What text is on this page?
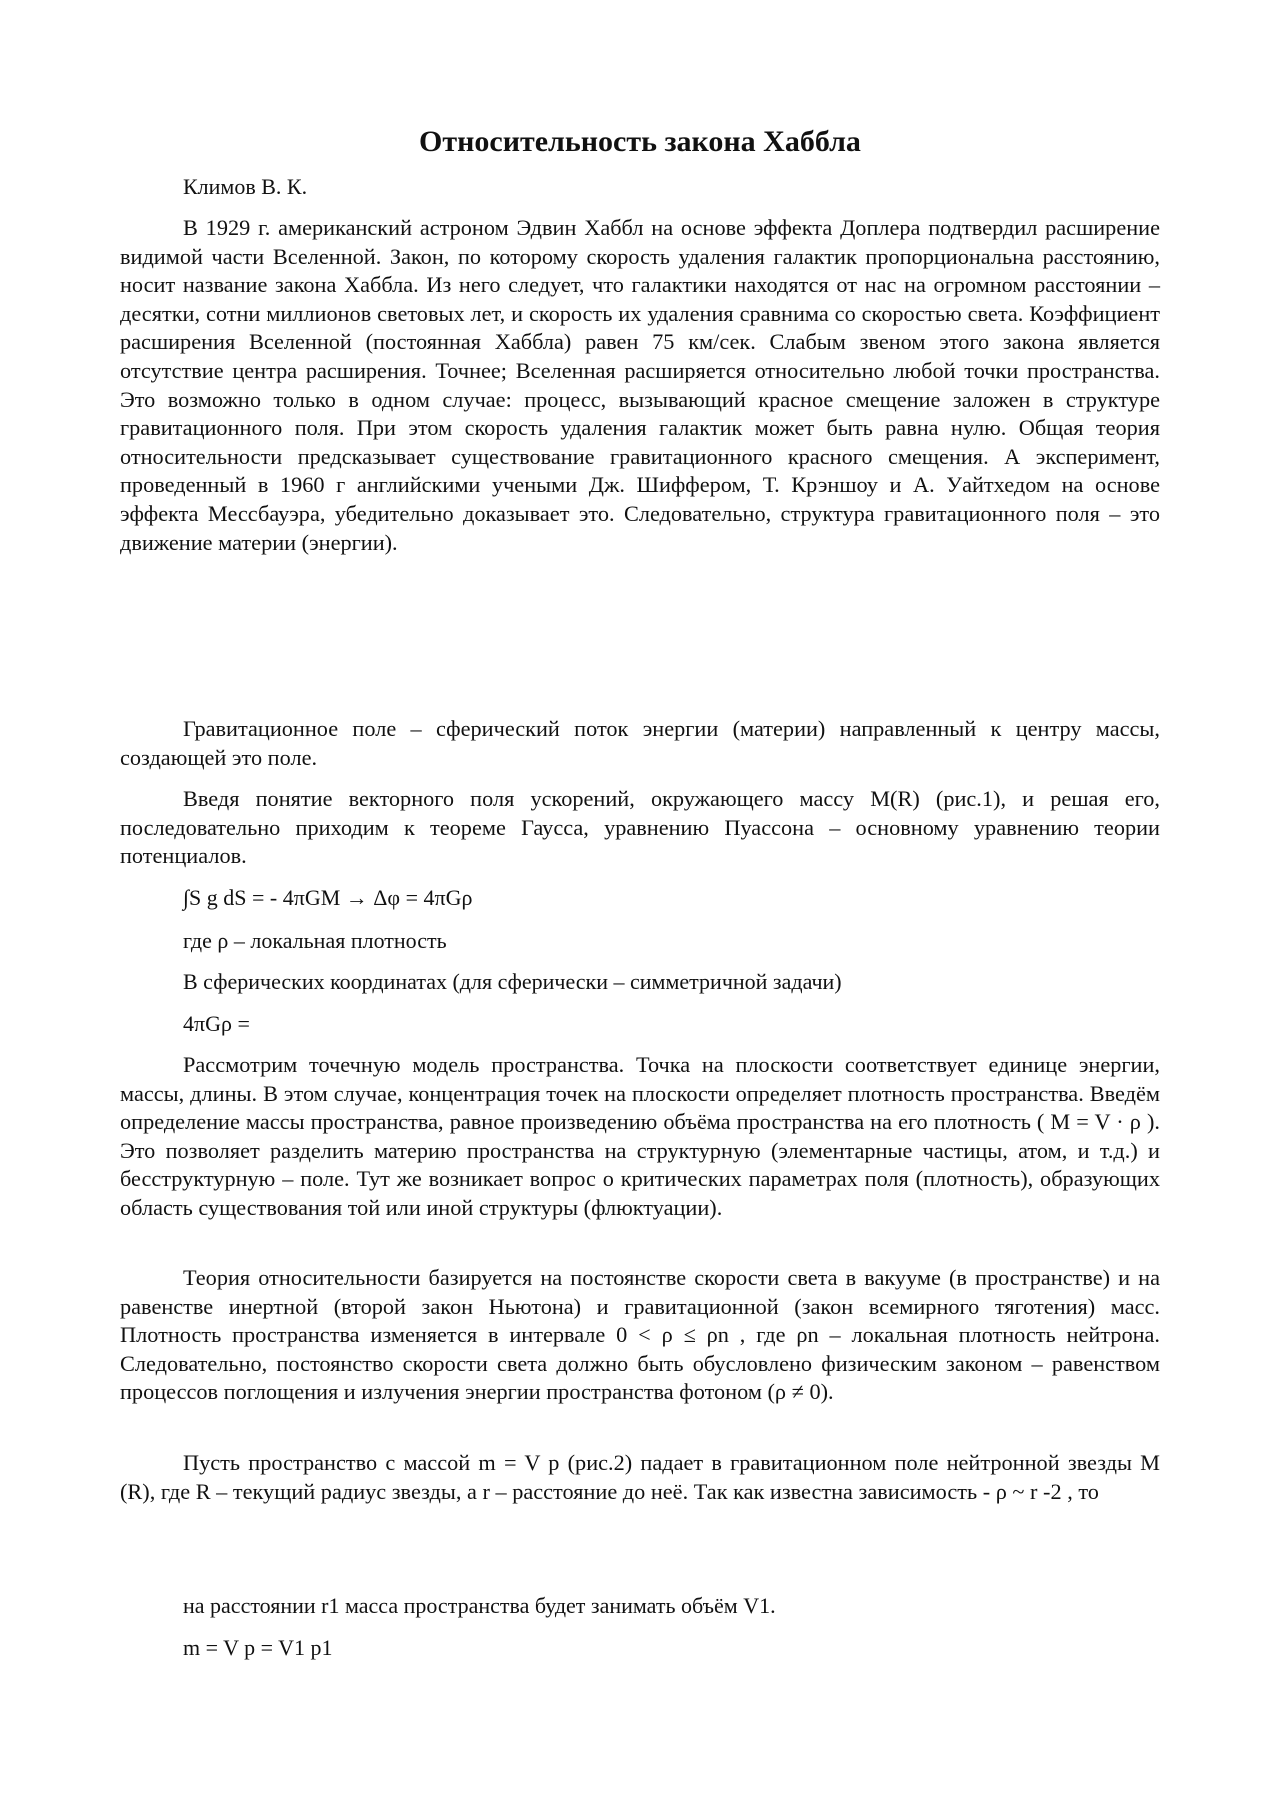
Относительность закона Хаббла
Климов В. К.

В 1929 г. американский астроном Эдвин Хаббл на основе эффекта Доплера подтвердил расширение видимой части Вселенной. Закон, по которому скорость удаления галактик пропорциональна расстоянию, носит название закона Хаббла. Из него следует, что галактики находятся от нас на огромном расстоянии – десятки, сотни миллионов световых лет, и скорость их удаления сравнима со скоростью света. Коэффициент расширения Вселенной (постоянная Хаббла) равен 75 км/сек. Слабым звеном этого закона является отсутствие центра расширения. Точнее; Вселенная расширяется относительно любой точки пространства. Это возможно только в одном случае: процесс, вызывающий красное смещение заложен в структуре гравитационного поля. При этом скорость удаления галактик может быть равна нулю. Общая теория относительности предсказывает существование гравитационного красного смещения. А эксперимент, проведенный в 1960 г английскими учеными Дж. Шиффером, Т. Крэншоу и А. Уайтхедом на основе эффекта Мессбауэра, убедительно доказывает это. Следовательно, структура гравитационного поля – это движение материи (энергии).

Гравитационное поле – сферический поток энергии (материи) направленный к центру массы, создающей это поле.

Введя понятие векторного поля ускорений, окружающего массу M(R) (рис.1), и решая его, последовательно приходим к теореме Гаусса, уравнению Пуассона – основному уравнению теории потенциалов.

∫S g dS = - 4πGM → Δφ = 4πGρ
где ρ – локальная плотность
В сферических координатах (для сферически – симметричной задачи)
4πGρ =

Рассмотрим точечную модель пространства. Точка на плоскости соответствует единице энергии, массы, длины. В этом случае, концентрация точек на плоскости определяет плотность пространства. Введём определение массы пространства, равное произведению объёма пространства на его плотность ( M = V · ρ ). Это позволяет разделить материю пространства на структурную (элементарные частицы, атом, и т.д.) и бесструктурную – поле. Тут же возникает вопрос о критических параметрах поля (плотность), образующих область существования той или иной структуры (флюктуации).

Теория относительности базируется на постоянстве скорости света в вакууме (в пространстве) и на равенстве инертной (второй закон Ньютона) и гравитационной (закон всемирного тяготения) масс. Плотность пространства изменяется в интервале 0 < ρ ≤ ρn , где ρn – локальная плотность нейтрона. Следовательно, постоянство скорости света должно быть обусловлено физическим законом – равенством процессов поглощения и излучения энергии пространства фотоном (ρ ≠ 0).

Пусть пространство с массой m = V p (рис.2) падает в гравитационном поле нейтронной звезды M (R), где R – текущий радиус звезды, а r – расстояние до неё. Так как известна зависимость - ρ ~ r -2 , то

на расстоянии r1 масса пространства будет занимать объём V1.
m = V p = V1 p1
